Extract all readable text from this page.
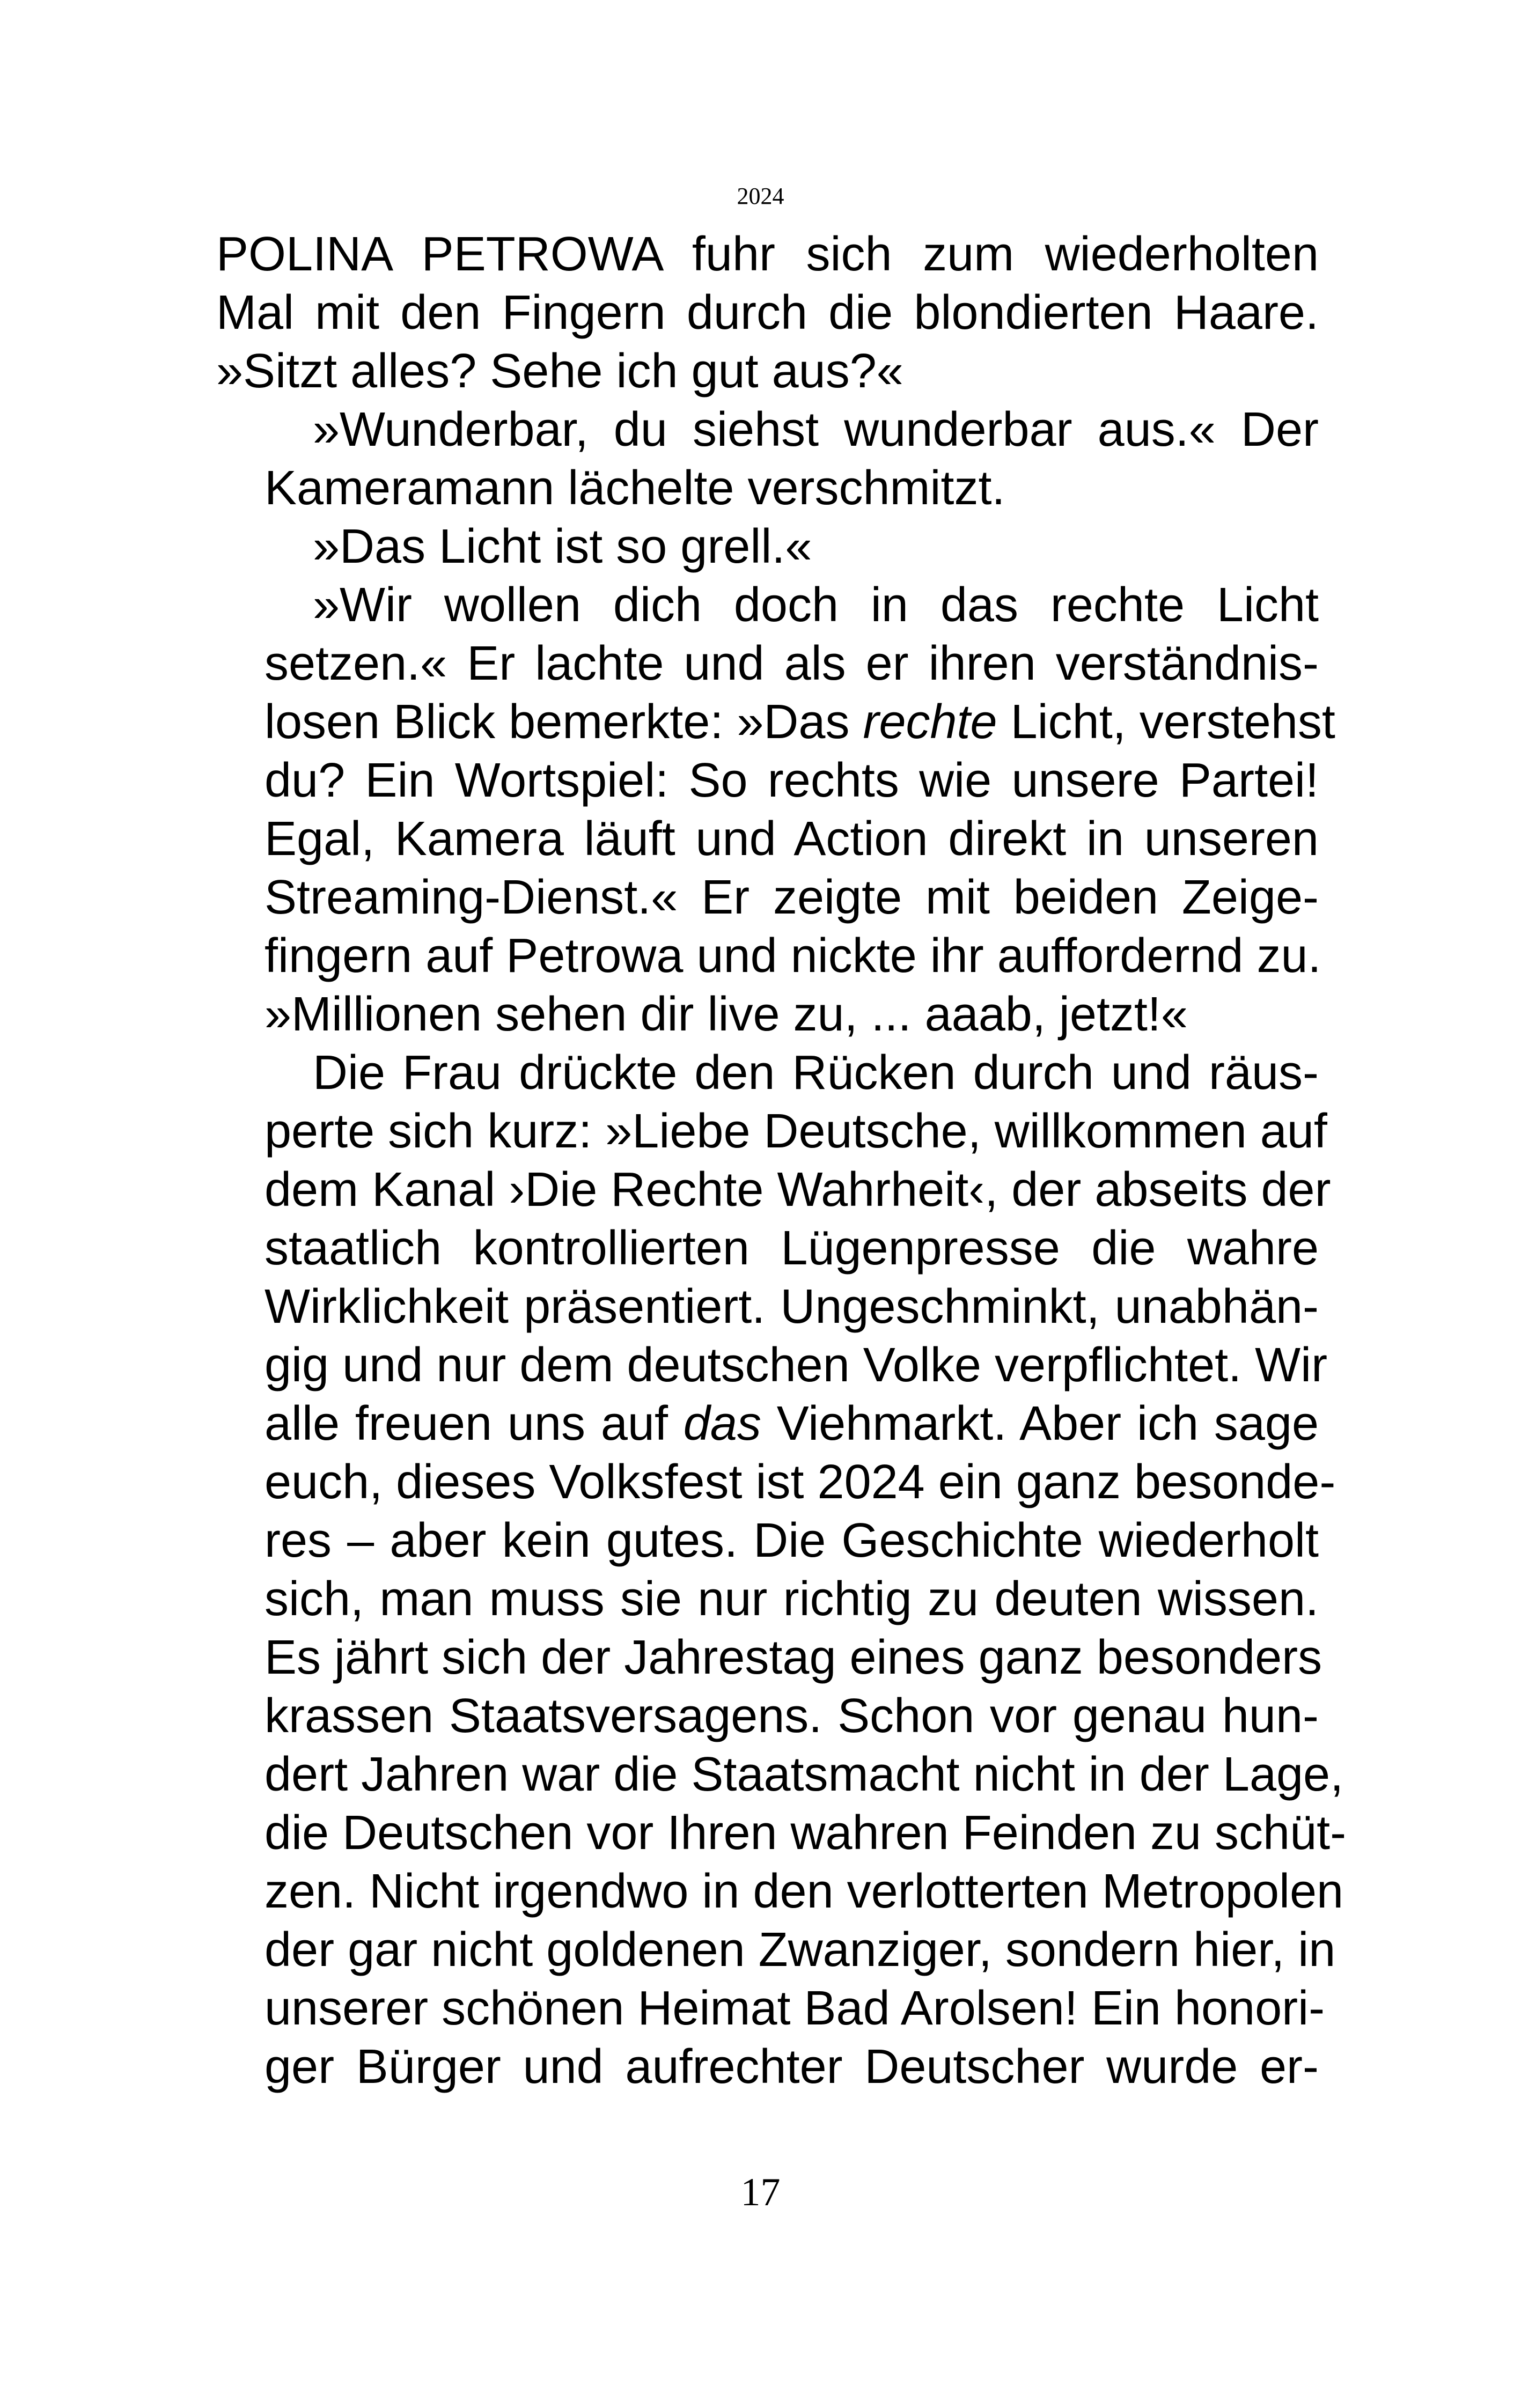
2024
POLINA PETROWA fuhr sich zum wiederholten
Mal mit den Fingern durch die blondierten Haare.
»Sitzt alles? Sehe ich gut aus?«
»Wunderbar, du siehst wunderbar aus.« Der
Kameramann lächelte verschmitzt.
»Das Licht ist so grell.«
»Wir wollen dich doch in das rechte Licht
setzen.« Er lachte und als er ihren verständnis-
losen Blick bemerkte: »Das rechte Licht, verstehst
du? Ein Wortspiel: So rechts wie unsere Partei!
Egal, Kamera läuft und Action direkt in unseren
Streaming-Dienst.« Er zeigte mit beiden Zeige-
fingern auf Petrowa und nickte ihr auffordernd zu.
»Millionen sehen dir live zu, ... aaab, jetzt!«
Die Frau drückte den Rücken durch und räus-
perte sich kurz: »Liebe Deutsche, willkommen auf
dem Kanal ›Die Rechte Wahrheit‹, der abseits der
staatlich kontrollierten Lügenpresse die wahre
Wirklichkeit präsentiert. Ungeschminkt, unabhän-
gig und nur dem deutschen Volke verpflichtet. Wir
alle freuen uns auf das Viehmarkt. Aber ich sage
euch, dieses Volksfest ist 2024 ein ganz besonde-
res – aber kein gutes. Die Geschichte wiederholt
sich, man muss sie nur richtig zu deuten wissen.
Es jährt sich der Jahrestag eines ganz besonders
krassen Staatsversagens. Schon vor genau hun-
dert Jahren war die Staatsmacht nicht in der Lage,
die Deutschen vor Ihren wahren Feinden zu schüt-
zen. Nicht irgendwo in den verlotterten Metropolen
der gar nicht goldenen Zwanziger, sondern hier, in
unserer schönen Heimat Bad Arolsen! Ein honori-
ger Bürger und aufrechter Deutscher wurde er-
17
